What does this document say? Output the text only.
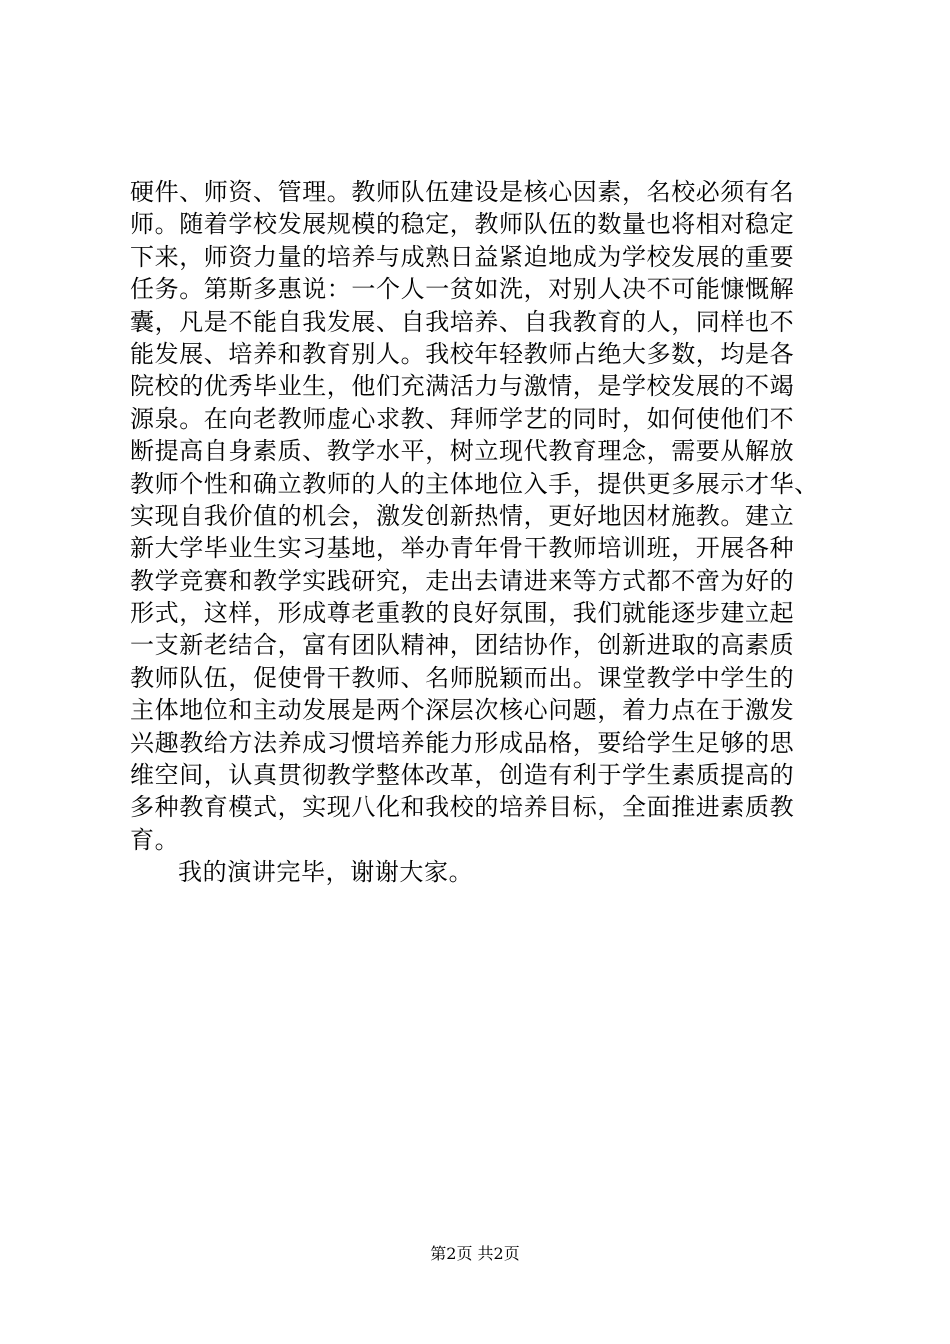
硬件、师资、管理。教师队伍建设是核心因素，名校必须有名
师。随着学校发展规模的稳定，教师队伍的数量也将相对稳定
下来，师资力量的培养与成熟日益紧迫地成为学校发展的重要
任务。第斯多惠说：一个人一贫如洗，对别人决不可能慷慨解
囊，凡是不能自我发展、自我培养、自我教育的人，同样也不
能发展、培养和教育别人。我校年轻教师占绝大多数，均是各
院校的优秀毕业生，他们充满活力与激情，是学校发展的不竭
源泉。在向老教师虚心求教、拜师学艺的同时，如何使他们不
断提高自身素质、教学水平，树立现代教育理念，需要从解放
教师个性和确立教师的人的主体地位入手，提供更多展示才华、
实现自我价值的机会，激发创新热情，更好地因材施教。建立
新大学毕业生实习基地，举办青年骨干教师培训班，开展各种
教学竞赛和教学实践研究，走出去请进来等方式都不啻为好的
形式，这样，形成尊老重教的良好氛围，我们就能逐步建立起
一支新老结合，富有团队精神，团结协作，创新进取的高素质
教师队伍，促使骨干教师、名师脱颖而出。课堂教学中学生的
主体地位和主动发展是两个深层次核心问题，着力点在于激发
兴趣教给方法养成习惯培养能力形成品格，要给学生足够的思
维空间，认真贯彻教学整体改革，创造有利于学生素质提高的
多种教育模式，实现八化和我校的培养目标，全面推进素质教
育。
我的演讲完毕，谢谢大家。
第2页 共2页
